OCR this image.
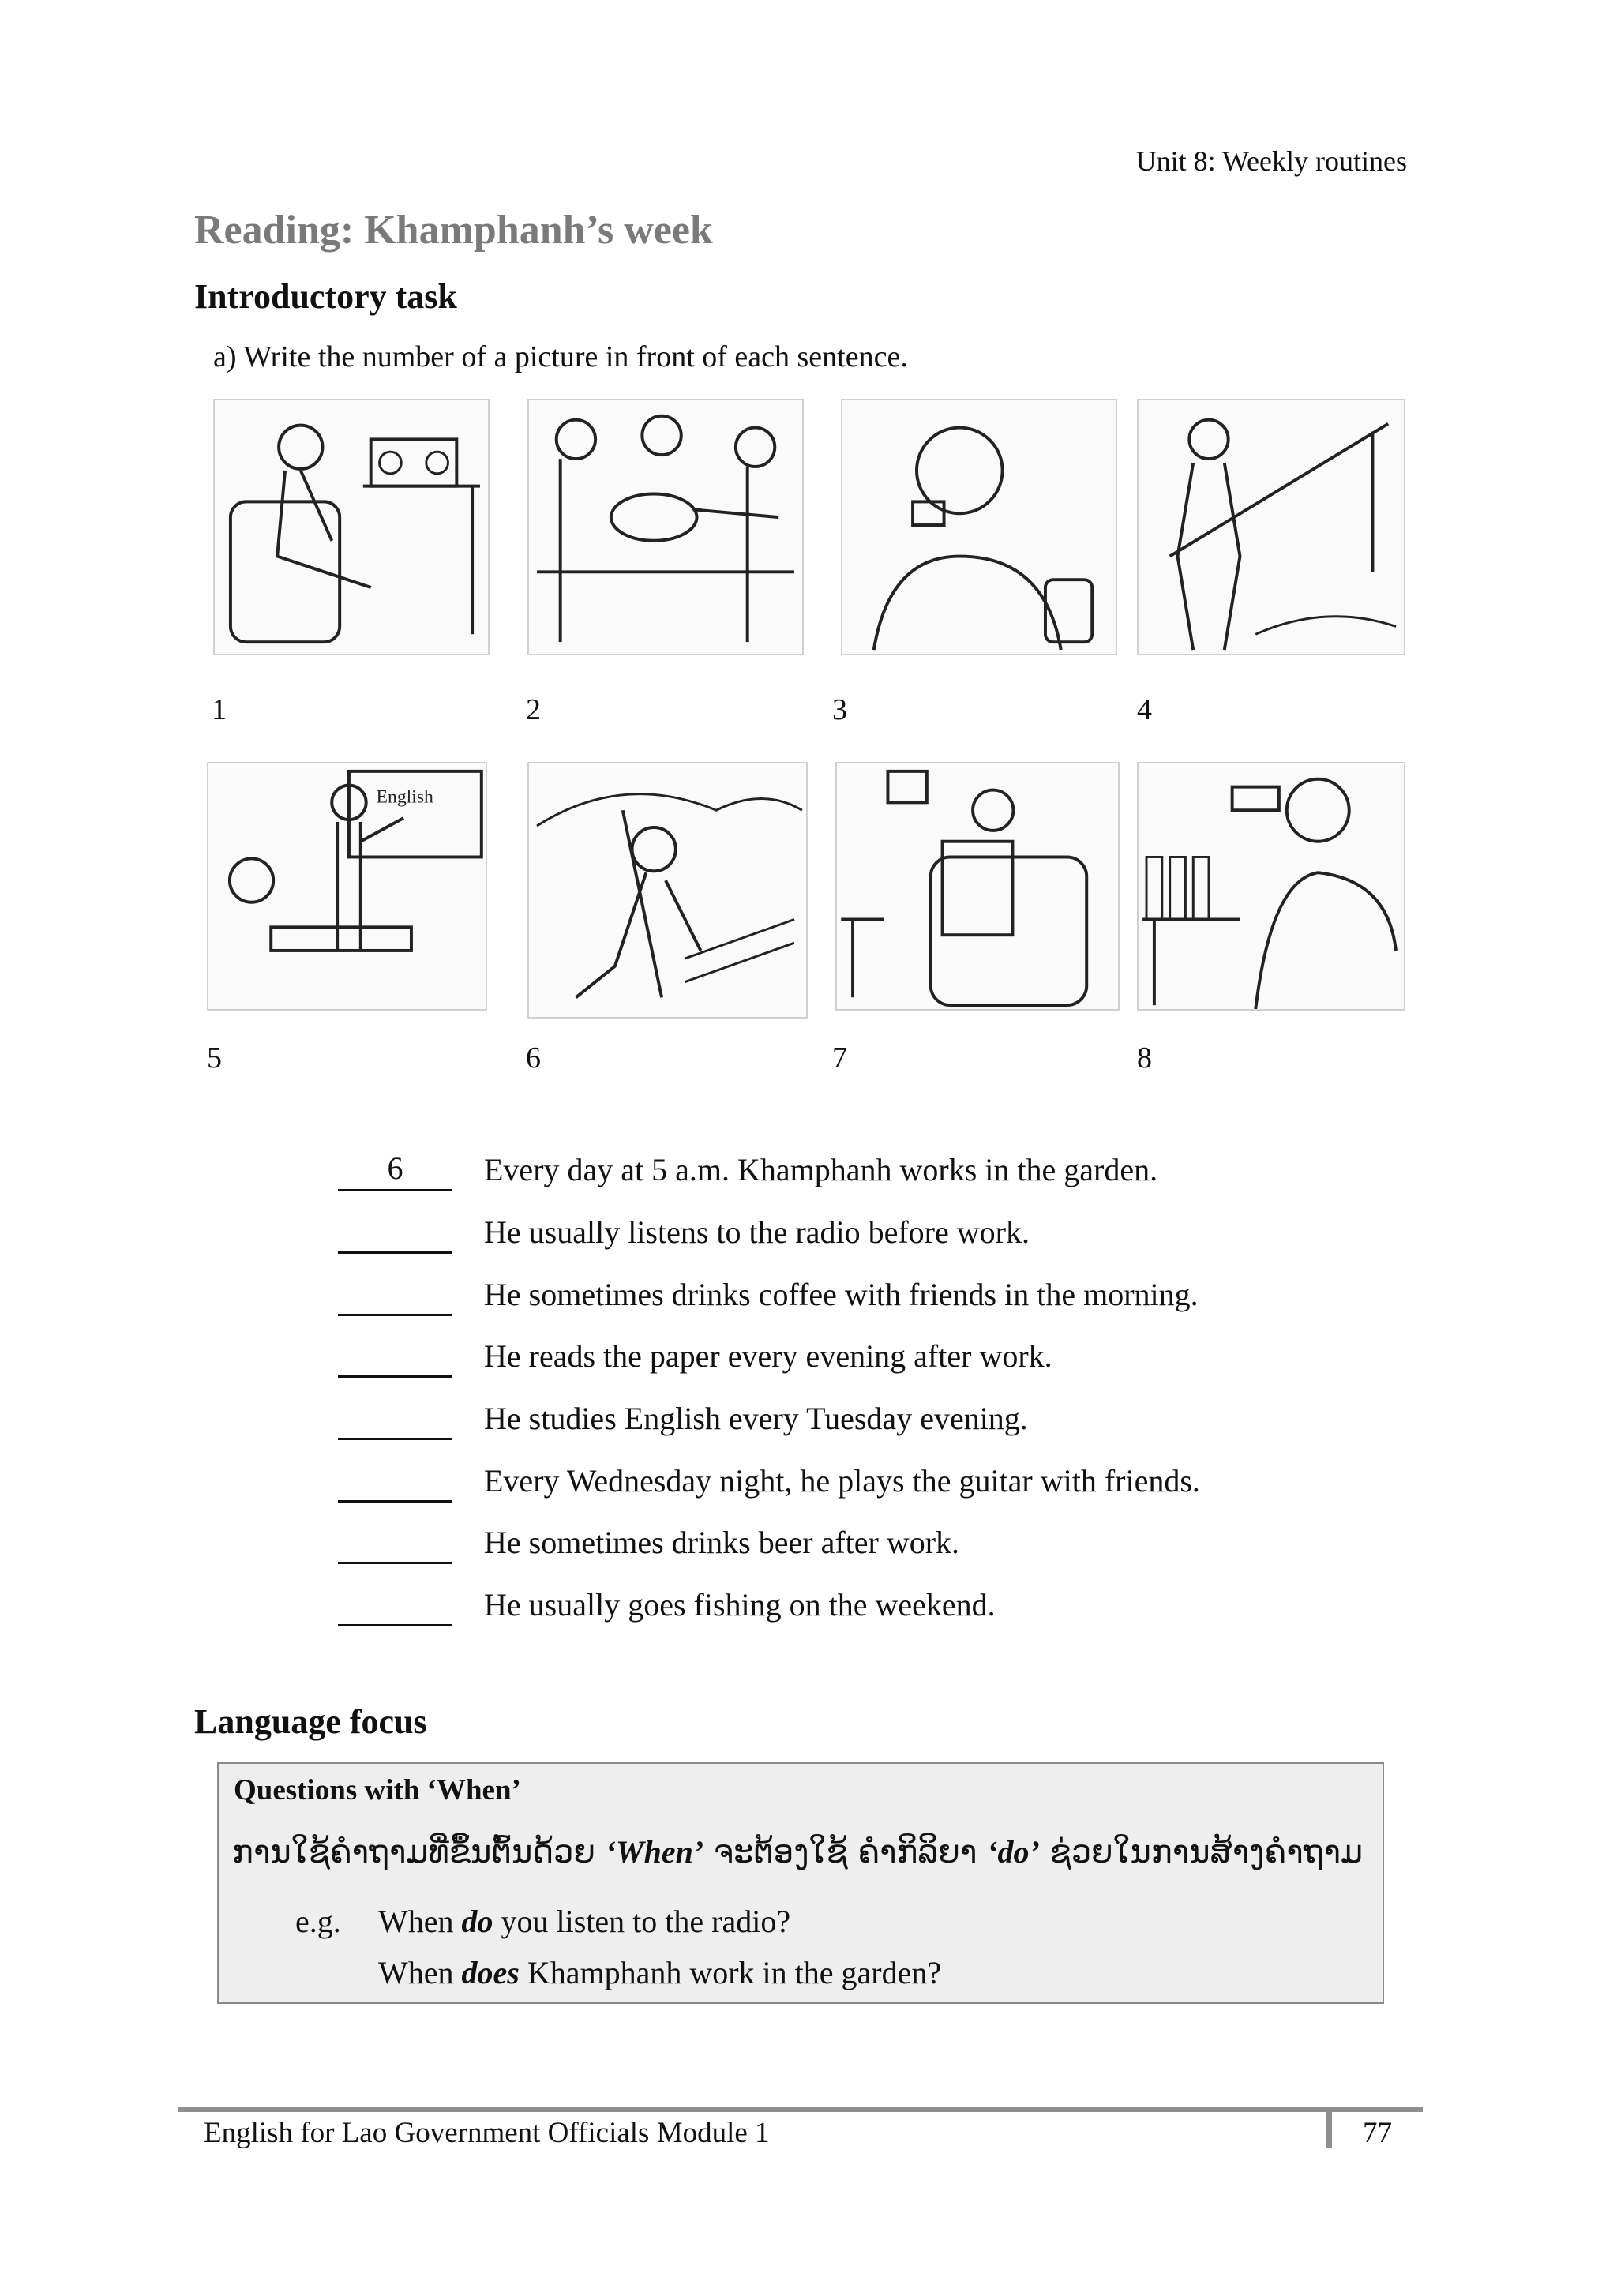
Unit 8: Weekly routines
Reading: Khamphanh’s week
Introductory task
a) Write the number of a picture in front of each sentence.
1	2	3	4
English
5	6	7	8
6	Every day at 5 a.m. Khamphanh works in the garden.
He usually listens to the radio before work.
He sometimes drinks coffee with friends in the morning.
He reads the paper every evening after work.
He studies English every Tuesday evening.
Every Wednesday night, he plays the guitar with friends.
He sometimes drinks beer after work.
He usually goes fishing on the weekend.
Language focus
Questions with ‘When’
ການໃຊ້ຄຳຖາມທີ່ຂຶ້ນຕົ້ນດ້ວຍ ‘When’ ຈະຕ້ອງໃຊ້ ຄຳກິລິຍາ ‘do’ ຊ່ວຍໃນການສ້າງຄຳຖາມ
e.g. When do you listen to the radio?
When does Khamphanh work in the garden?
English for Lao Government Officials Module 1	77
